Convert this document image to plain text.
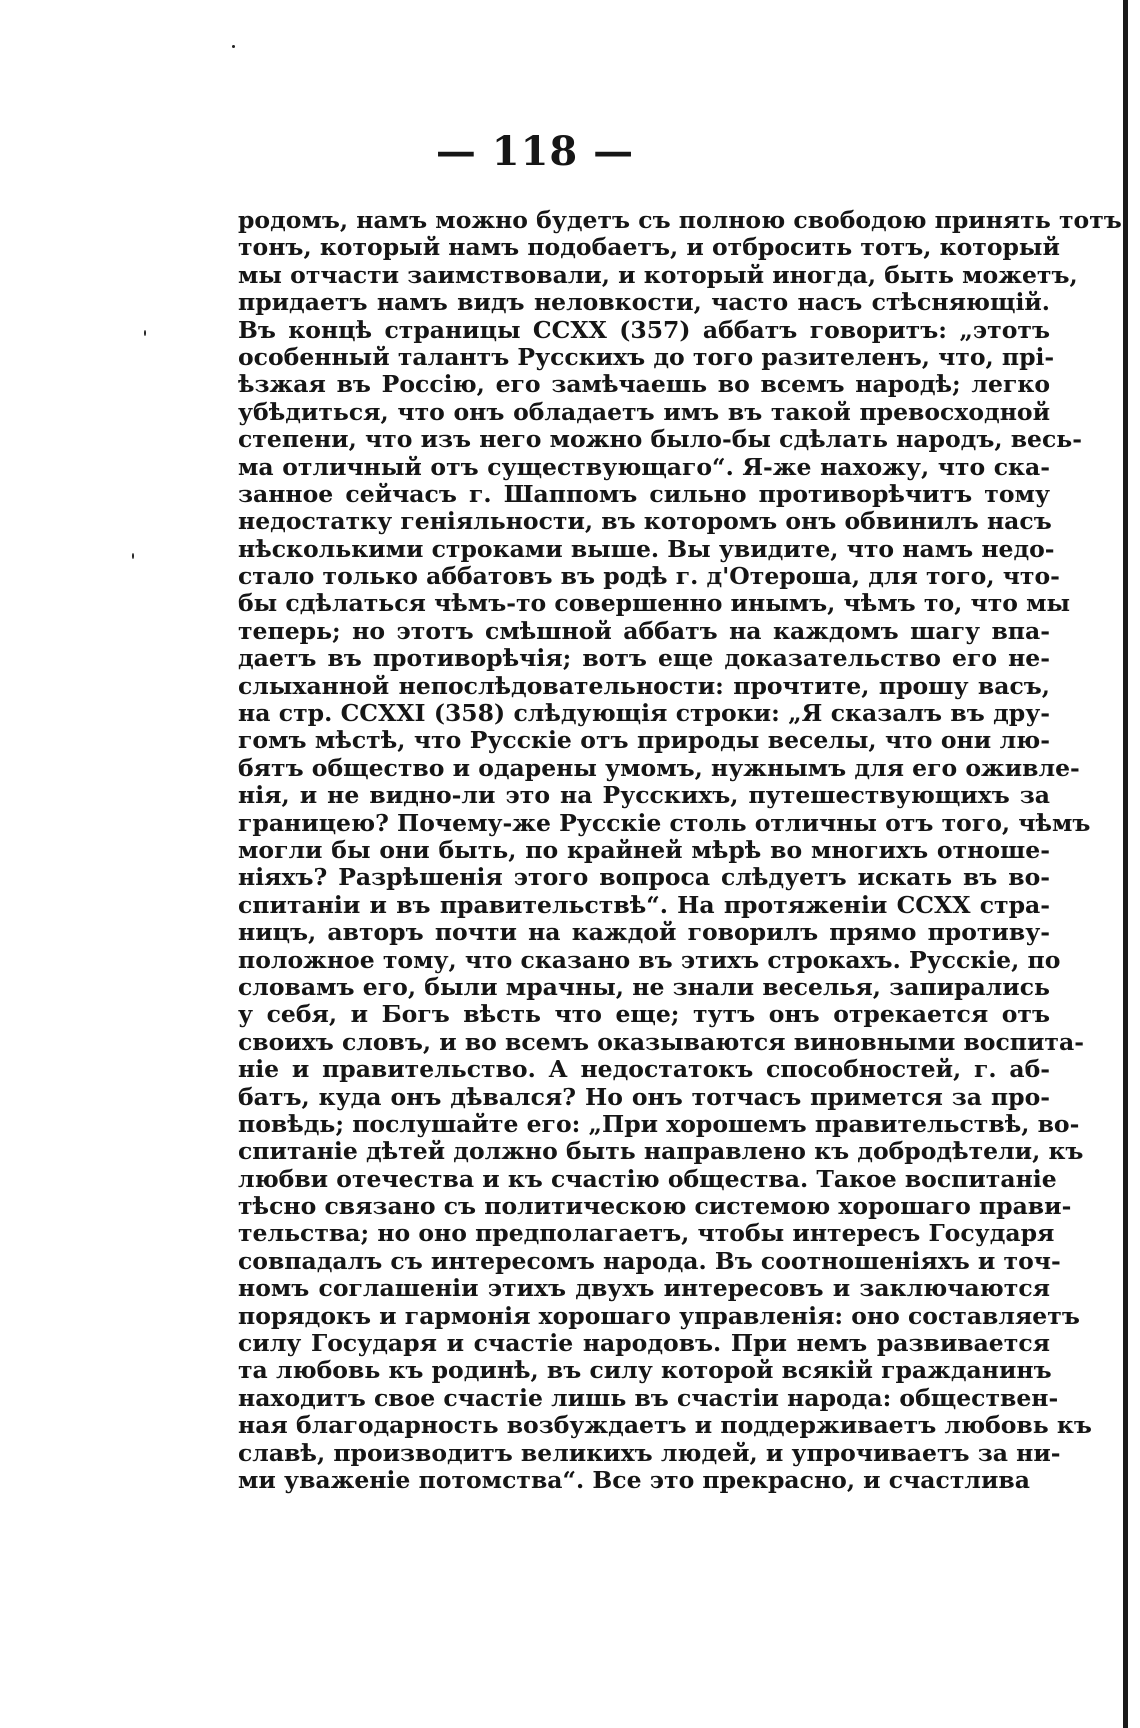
— 118 —
родомъ, намъ можно будетъ съ полною свободою принять тотъ
тонъ, который намъ подобаетъ, и отбросить тотъ, который
мы отчасти заимствовали, и который иногда, быть можетъ,
придаетъ намъ видъ неловкости, часто насъ стѣсняющій.
Въ концѣ страницы CCXX (357) аббатъ говоритъ: „этотъ
особенный талантъ Русскихъ до того разителенъ, что, прі-
ѣзжая въ Россію, его замѣчаешь во всемъ народѣ; легко
убѣдиться, что онъ обладаетъ имъ въ такой превосходной
степени, что изъ него можно было-бы сдѣлать народъ, весь-
ма отличный отъ существующаго“. Я-же нахожу, что ска-
занное сейчасъ г. Шаппомъ сильно противорѣчитъ тому
недостатку геніяльности, въ которомъ онъ обвинилъ насъ
нѣсколькими строками выше. Вы увидите, что намъ недо-
стало только аббатовъ въ родѣ г. д'Отероша, для того, что-
бы сдѣлаться чѣмъ-то совершенно инымъ, чѣмъ то, что мы
теперь; но этотъ смѣшной аббатъ на каждомъ шагу впа-
даетъ въ противорѣчія; вотъ еще доказательство его не-
слыханной непослѣдовательности: прочтите, прошу васъ,
на стр. CCXXI (358) слѣдующія строки: „Я сказалъ въ дру-
гомъ мѣстѣ, что Русскіе отъ природы веселы, что они лю-
бятъ общество и одарены умомъ, нужнымъ для его оживле-
нія, и не видно-ли это на Русскихъ, путешествующихъ за
границею? Почему-же Русскіе столь отличны отъ того, чѣмъ
могли бы они быть, по крайней мѣрѣ во многихъ отноше-
ніяхъ? Разрѣшенія этого вопроса слѣдуетъ искать въ во-
спитаніи и въ правительствѣ“. На протяженіи CCXX стра-
ницъ, авторъ почти на каждой говорилъ прямо противу-
положное тому, что сказано въ этихъ строкахъ. Русскіе, по
словамъ его, были мрачны, не знали веселья, запирались
у себя, и Богъ вѣсть что еще; тутъ онъ отрекается отъ
своихъ словъ, и во всемъ оказываются виновными воспита-
ніе и правительство. А недостатокъ способностей, г. аб-
батъ, куда онъ дѣвался? Но онъ тотчасъ примется за про-
повѣдь; послушайте его: „При хорошемъ правительствѣ, во-
спитаніе дѣтей должно быть направлено къ добродѣтели, къ
любви отечества и къ счастію общества. Такое воспитаніе
тѣсно связано съ политическою системою хорошаго прави-
тельства; но оно предполагаетъ, чтобы интересъ Государя
совпадалъ съ интересомъ народа. Въ соотношеніяхъ и точ-
номъ соглашеніи этихъ двухъ интересовъ и заключаются
порядокъ и гармонія хорошаго управленія: оно составляетъ
силу Государя и счастіе народовъ. При немъ развивается
та любовь къ родинѣ, въ силу которой всякій гражданинъ
находитъ свое счастіе лишь въ счастіи народа: обществен-
ная благодарность возбуждаетъ и поддерживаетъ любовь къ
славѣ, производитъ великихъ людей, и упрочиваетъ за ни-
ми уваженіе потомства“. Все это прекрасно, и счастлива
